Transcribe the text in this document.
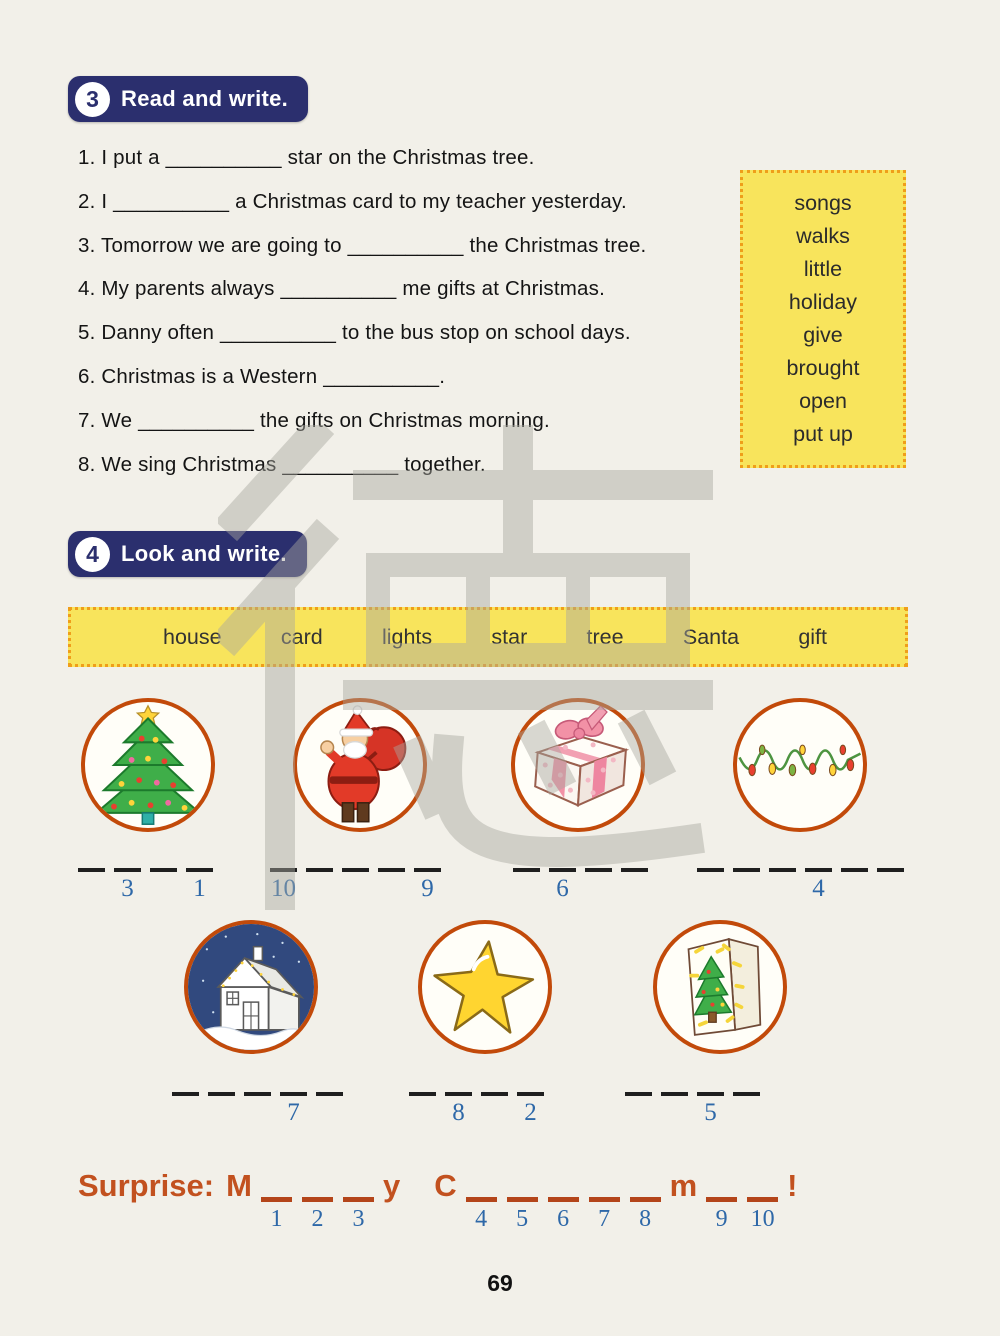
3	Read and write.
1. I put a __________ star on the Christmas tree.
2. I __________ a Christmas card to my teacher yesterday.
3. Tomorrow we are going to __________ the Christmas tree.
4. My parents always __________ me gifts at Christmas.
5. Danny often __________ to the bus stop on school days.
6. Christmas is a Western __________.
7. We __________ the gifts on Christmas morning.
8. We sing Christmas __________ together.
songs
walks
little
holiday
give
brought
open
put up
4	Look and write.
house	card	lights	star	tree	Santa	gift
3 1	10	9	6	4
7	8 2	5
Surprise: M
1 2 3
y C
4 5 6 7 8
m
9 10
!
69
